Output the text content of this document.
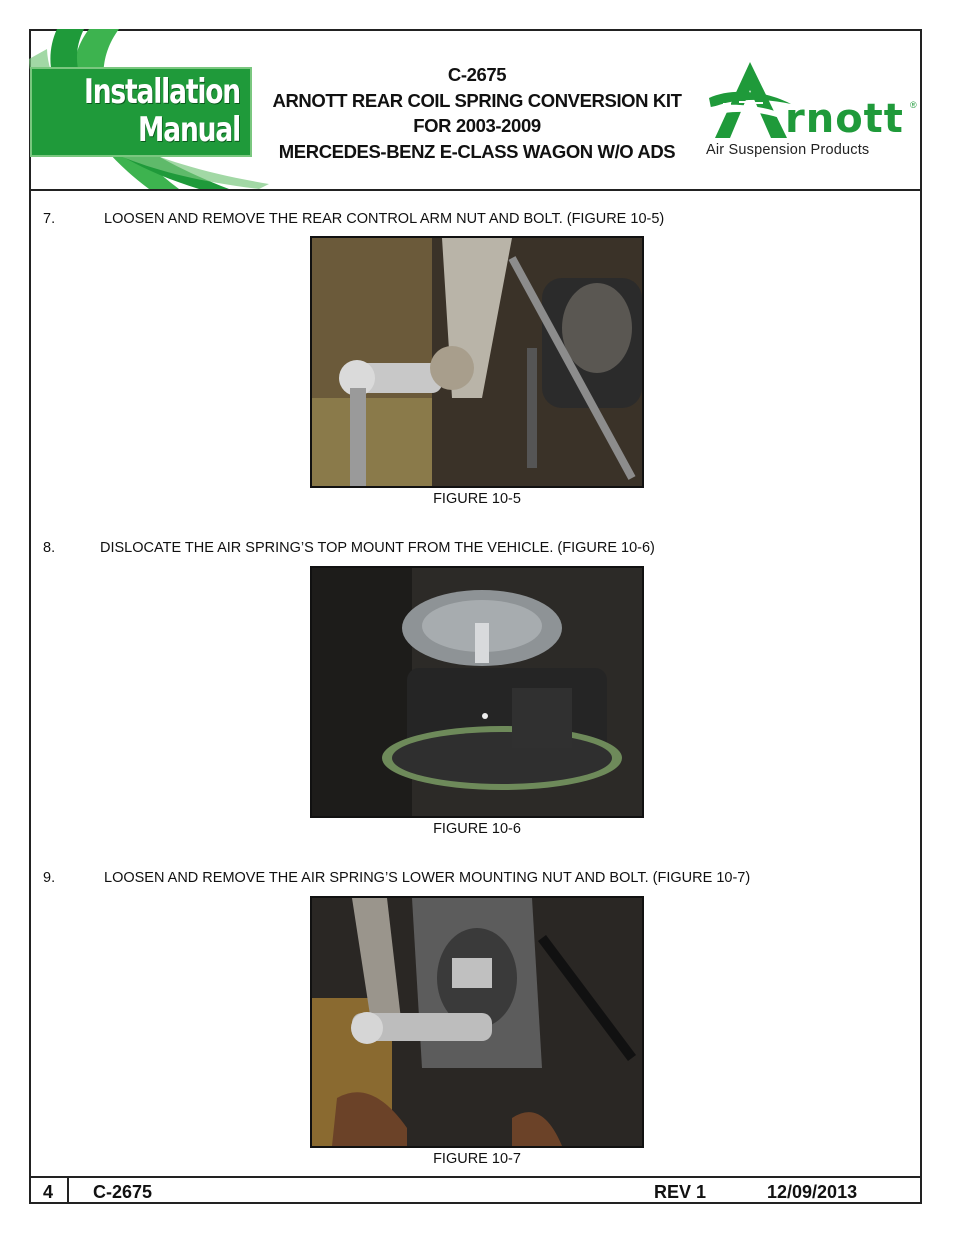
Installation
Manual
C-2675
ARNOTT REAR COIL SPRING CONVERSION KIT
FOR 2003-2009
MERCEDES-BENZ E-CLASS WAGON W/O ADS
rnott ®
Air Suspension Products
7.	LOOSEN AND REMOVE THE REAR CONTROL ARM NUT AND BOLT. (FIGURE 10-5)
FIGURE 10-5
8.	DISLOCATE THE AIR SPRING’S TOP MOUNT FROM THE VEHICLE. (FIGURE 10-6)
FIGURE 10-6
9.	LOOSEN AND REMOVE THE AIR SPRING’S LOWER MOUNTING NUT AND BOLT. (FIGURE 10-7)
FIGURE 10-7
4 C-2675	REV 1	12/09/2013
